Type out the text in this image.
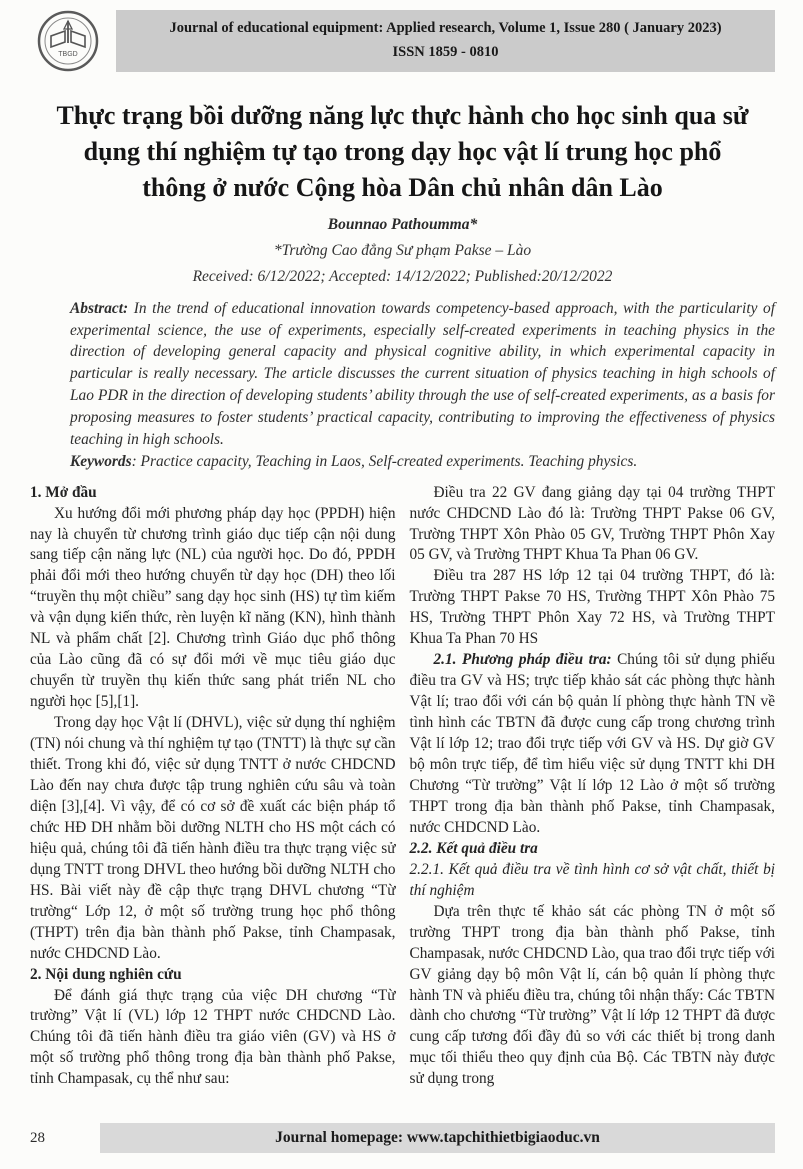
TBGD
Journal of educational equipment: Applied research, Volume 1, Issue 280 ( January 2023)
ISSN 1859 - 0810
Thực trạng bồi dưỡng năng lực thực hành cho học sinh qua sử dụng thí nghiệm tự tạo trong dạy học vật lí trung học phổ thông ở nước Cộng hòa Dân chủ nhân dân Lào
Bounnao Pathoumma*
*Trường Cao đẳng Sư phạm Pakse – Lào
Received: 6/12/2022; Accepted: 14/12/2022; Published:20/12/2022

Abstract: In the trend of educational innovation towards competency-based approach, with the particularity of experimental science, the use of experiments, especially self-created experiments in teaching physics in the direction of developing general capacity and physical cognitive ability, in which experimental capacity in particular is really necessary. The article discusses the current situation of physics teaching in high schools of Lao PDR in the direction of developing students’ ability through the use of self-created experiments, as a basis for proposing measures to foster students’ practical capacity, contributing to improving the effectiveness of physics teaching in high schools.

Keywords: Practice capacity, Teaching in Laos, Self-created experiments. Teaching physics.

1. Mở đầu

Xu hướng đổi mới phương pháp dạy học (PPDH) hiện nay là chuyển từ chương trình giáo dục tiếp cận nội dung sang tiếp cận năng lực (NL) của người học. Do đó, PPDH phải đổi mới theo hướng chuyển từ dạy học (DH) theo lối “truyền thụ một chiều” sang dạy học sinh (HS) tự tìm kiếm và vận dụng kiến thức, rèn luyện kĩ năng (KN), hình thành NL và phẩm chất [2]. Chương trình Giáo dục phổ thông của Lào cũng đã có sự đổi mới về mục tiêu giáo dục chuyển từ truyền thụ kiến thức sang phát triển NL cho người học [5],[1].

Trong dạy học Vật lí (DHVL), việc sử dụng thí nghiệm (TN) nói chung và thí nghiệm tự tạo (TNTT) là thực sự cần thiết. Trong khi đó, việc sử dụng TNTT ở nước CHDCND Lào đến nay chưa được tập trung nghiên cứu sâu và toàn diện [3],[4]. Vì vậy, để có cơ sở đề xuất các biện pháp tổ chức HĐ DH nhằm bồi dưỡng NLTH cho HS một cách có hiệu quả, chúng tôi đã tiến hành điều tra thực trạng việc sử dụng TNTT trong DHVL theo hướng bồi dưỡng NLTH cho HS. Bài viết này đề cập thực trạng DHVL chương “Từ trường“ Lớp 12, ở một số trường trung học phổ thông (THPT) trên địa bàn thành phố Pakse, tỉnh Champasak, nước CHDCND Lào.

2. Nội dung nghiên cứu

Để đánh giá thực trạng của việc DH chương “Từ trường” Vật lí (VL) lớp 12 THPT nước CHDCND Lào. Chúng tôi đã tiến hành điều tra giáo viên (GV) và HS ở một số trường phổ thông trong địa bàn thành phố Pakse, tỉnh Champasak, cụ thể như sau:

Điều tra 22 GV đang giảng dạy tại 04 trường THPT nước CHDCND Lào đó là: Trường THPT Pakse 06 GV, Trường THPT Xôn Phào 05 GV, Trường THPT Phôn Xay 05 GV, và Trường THPT Khua Ta Phan 06 GV.

Điều tra 287 HS lớp 12 tại 04 trường THPT, đó là: Trường THPT Pakse 70 HS, Trường THPT Xôn Phào 75 HS, Trường THPT Phôn Xay 72 HS, và Trường THPT Khua Ta Phan 70 HS

2.1. Phương pháp điều tra: Chúng tôi sử dụng phiếu điều tra GV và HS; trực tiếp khảo sát các phòng thực hành Vật lí; trao đổi với cán bộ quản lí phòng thực hành TN về tình hình các TBTN đã được cung cấp trong chương trình Vật lí lớp 12; trao đổi trực tiếp với GV và HS. Dự giờ GV bộ môn trực tiếp, để tìm hiểu việc sử dụng TNTT khi DH Chương “Từ trường” Vật lí lớp 12 Lào ở một số trường THPT trong địa bàn thành phố Pakse, tỉnh Champasak, nước CHDCND Lào.

2.2. Kết quả điều tra

2.2.1. Kết quả điều tra về tình hình cơ sở vật chất, thiết bị thí nghiệm

Dựa trên thực tế khảo sát các phòng TN ở một số trường THPT trong địa bàn thành phố Pakse, tỉnh Champasak, nước CHDCND Lào, qua trao đổi trực tiếp với GV giảng dạy bộ môn Vật lí, cán bộ quản lí phòng thực hành TN và phiếu điều tra, chúng tôi nhận thấy: Các TBTN dành cho chương “Từ trường” Vật lí lớp 12 THPT đã được cung cấp tương đối đầy đủ so với các thiết bị trong danh mục tối thiểu theo quy định của Bộ. Các TBTN này được sử dụng trong

28	Journal homepage: www.tapchithietbigiaoduc.vn
